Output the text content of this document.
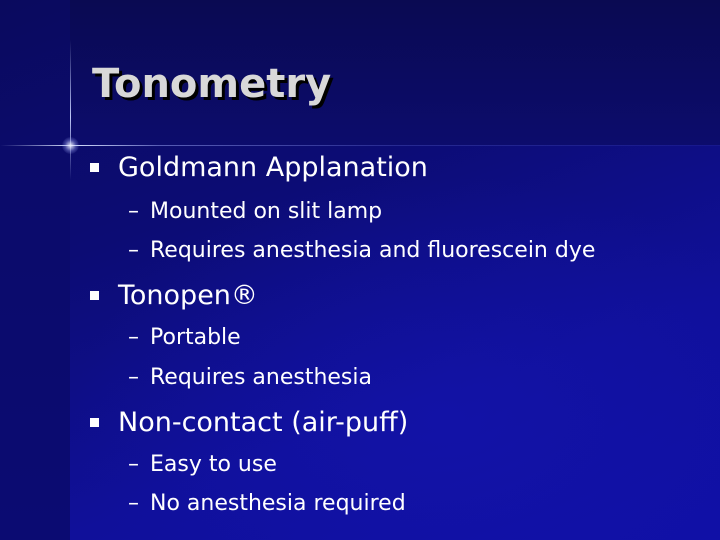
Tonometry
Goldmann Applanation
– Mounted on slit lamp
– Requires anesthesia and fluorescein dye
Tonopen®
– Portable
– Requires anesthesia
Non-contact (air-puff)
– Easy to use
– No anesthesia required
